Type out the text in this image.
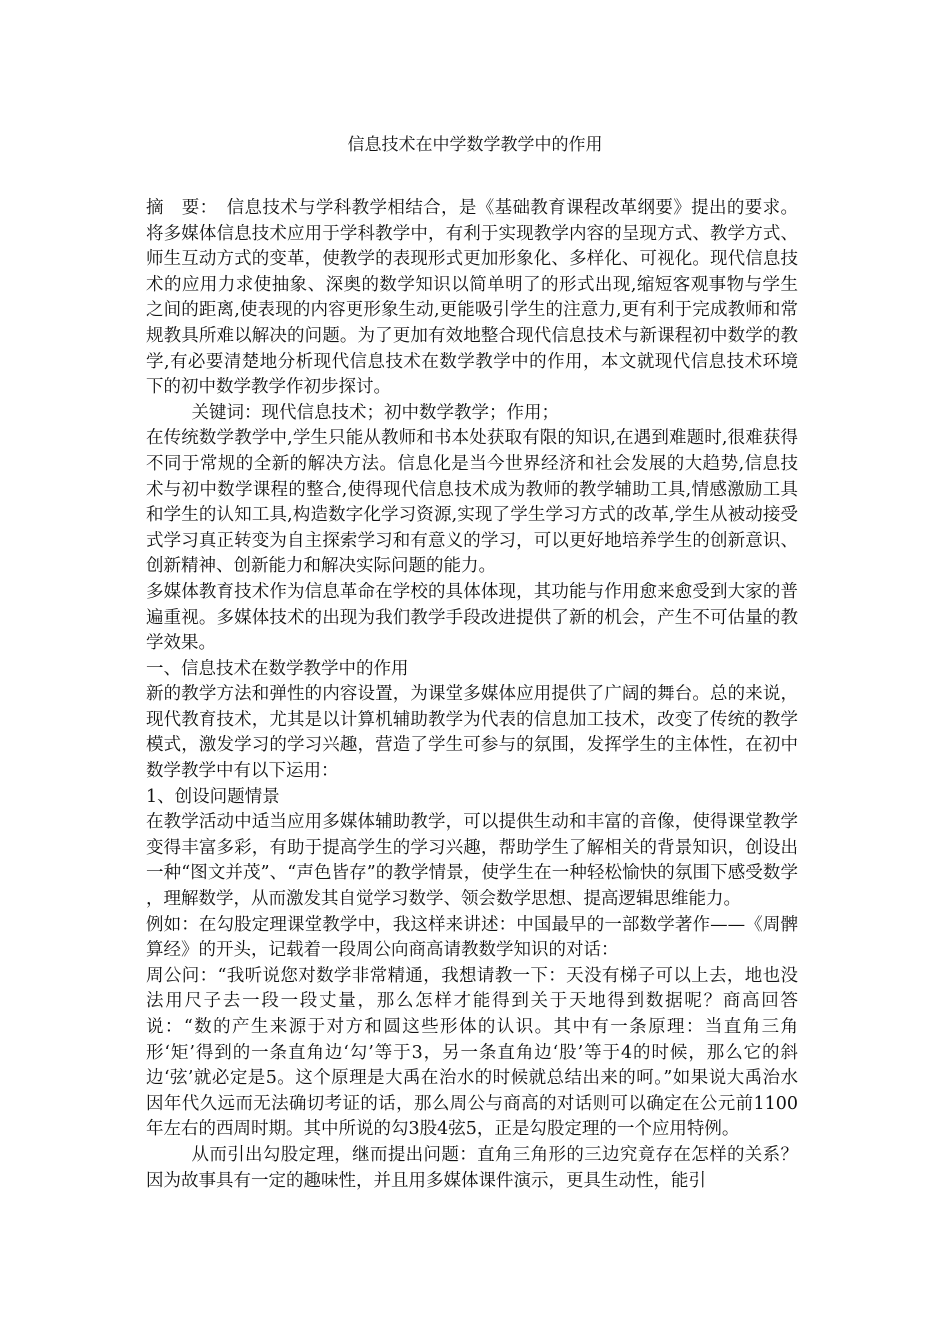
信息技术在中学数学教学中的作用

摘　要：　信息技术与学科教学相结合，是《基础教育课程改革纲要》提出的要求。将多媒体信息技术应用于学科教学中，有利于实现教学内容的呈现方式、教学方式、师生互动方式的变革，使教学的表现形式更加形象化、多样化、可视化。现代信息技术的应用力求使抽象、深奥的数学知识以简单明了的形式出现,缩短客观事物与学生之间的距离,使表现的内容更形象生动,更能吸引学生的注意力,更有利于完成教师和常规教具所难以解决的问题。为了更加有效地整合现代信息技术与新课程初中数学的教学,有必要清楚地分析现代信息技术在数学教学中的作用，本文就现代信息技术环境下的初中数学教学作初步探讨。

关键词：现代信息技术；初中数学教学；作用；

在传统数学教学中,学生只能从教师和书本处获取有限的知识,在遇到难题时,很难获得不同于常规的全新的解决方法。信息化是当今世界经济和社会发展的大趋势,信息技术与初中数学课程的整合,使得现代信息技术成为教师的教学辅助工具,情感激励工具和学生的认知工具,构造数字化学习资源,实现了学生学习方式的改革,学生从被动接受式学习真正转变为自主探索学习和有意义的学习，可以更好地培养学生的创新意识、创新精神、创新能力和解决实际问题的能力。

多媒体教育技术作为信息革命在学校的具体体现，其功能与作用愈来愈受到大家的普遍重视。多媒体技术的出现为我们教学手段改进提供了新的机会，产生不可估量的教学效果。

一、信息技术在数学教学中的作用

新的教学方法和弹性的内容设置，为课堂多媒体应用提供了广阔的舞台。总的来说，现代教育技术，尤其是以计算机辅助教学为代表的信息加工技术，改变了传统的教学模式，激发学习的学习兴趣，营造了学生可参与的氛围，发挥学生的主体性，在初中数学教学中有以下运用：

1、创设问题情景

在教学活动中适当应用多媒体辅助教学，可以提供生动和丰富的音像，使得课堂教学变得丰富多彩，有助于提高学生的学习兴趣，帮助学生了解相关的背景知识，创设出一种“图文并茂”、“声色皆存”的教学情景，使学生在一种轻松愉快的氛围下感受数学 ，理解数学，从而激发其自觉学习数学、领会数学思想、提高逻辑思维能力。

例如：在勾股定理课堂教学中，我这样来讲述：中国最早的一部数学著作——《周髀算经》的开头，记载着一段周公向商高请教数学知识的对话：

周公问：“我听说您对数学非常精通，我想请教一下：天没有梯子可以上去，地也没法用尺子去一段一段丈量，那么怎样才能得到关于天地得到数据呢？商高回答说：“数的产生来源于对方和圆这些形体的认识。其中有一条原理：当直角三角形‘矩’得到的一条直角边‘勾’等于3，另一条直角边‘股’等于4的时候，那么它的斜边‘弦’就必定是5。这个原理是大禹在治水的时候就总结出来的呵。”如果说大禹治水因年代久远而无法确切考证的话，那么周公与商高的对话则可以确定在公元前1100年左右的西周时期。其中所说的勾3股4弦5，正是勾股定理的一个应用特例。

从而引出勾股定理，继而提出问题：直角三角形的三边究竟存在怎样的关系？因为故事具有一定的趣味性，并且用多媒体课件演示，更具生动性，能引
